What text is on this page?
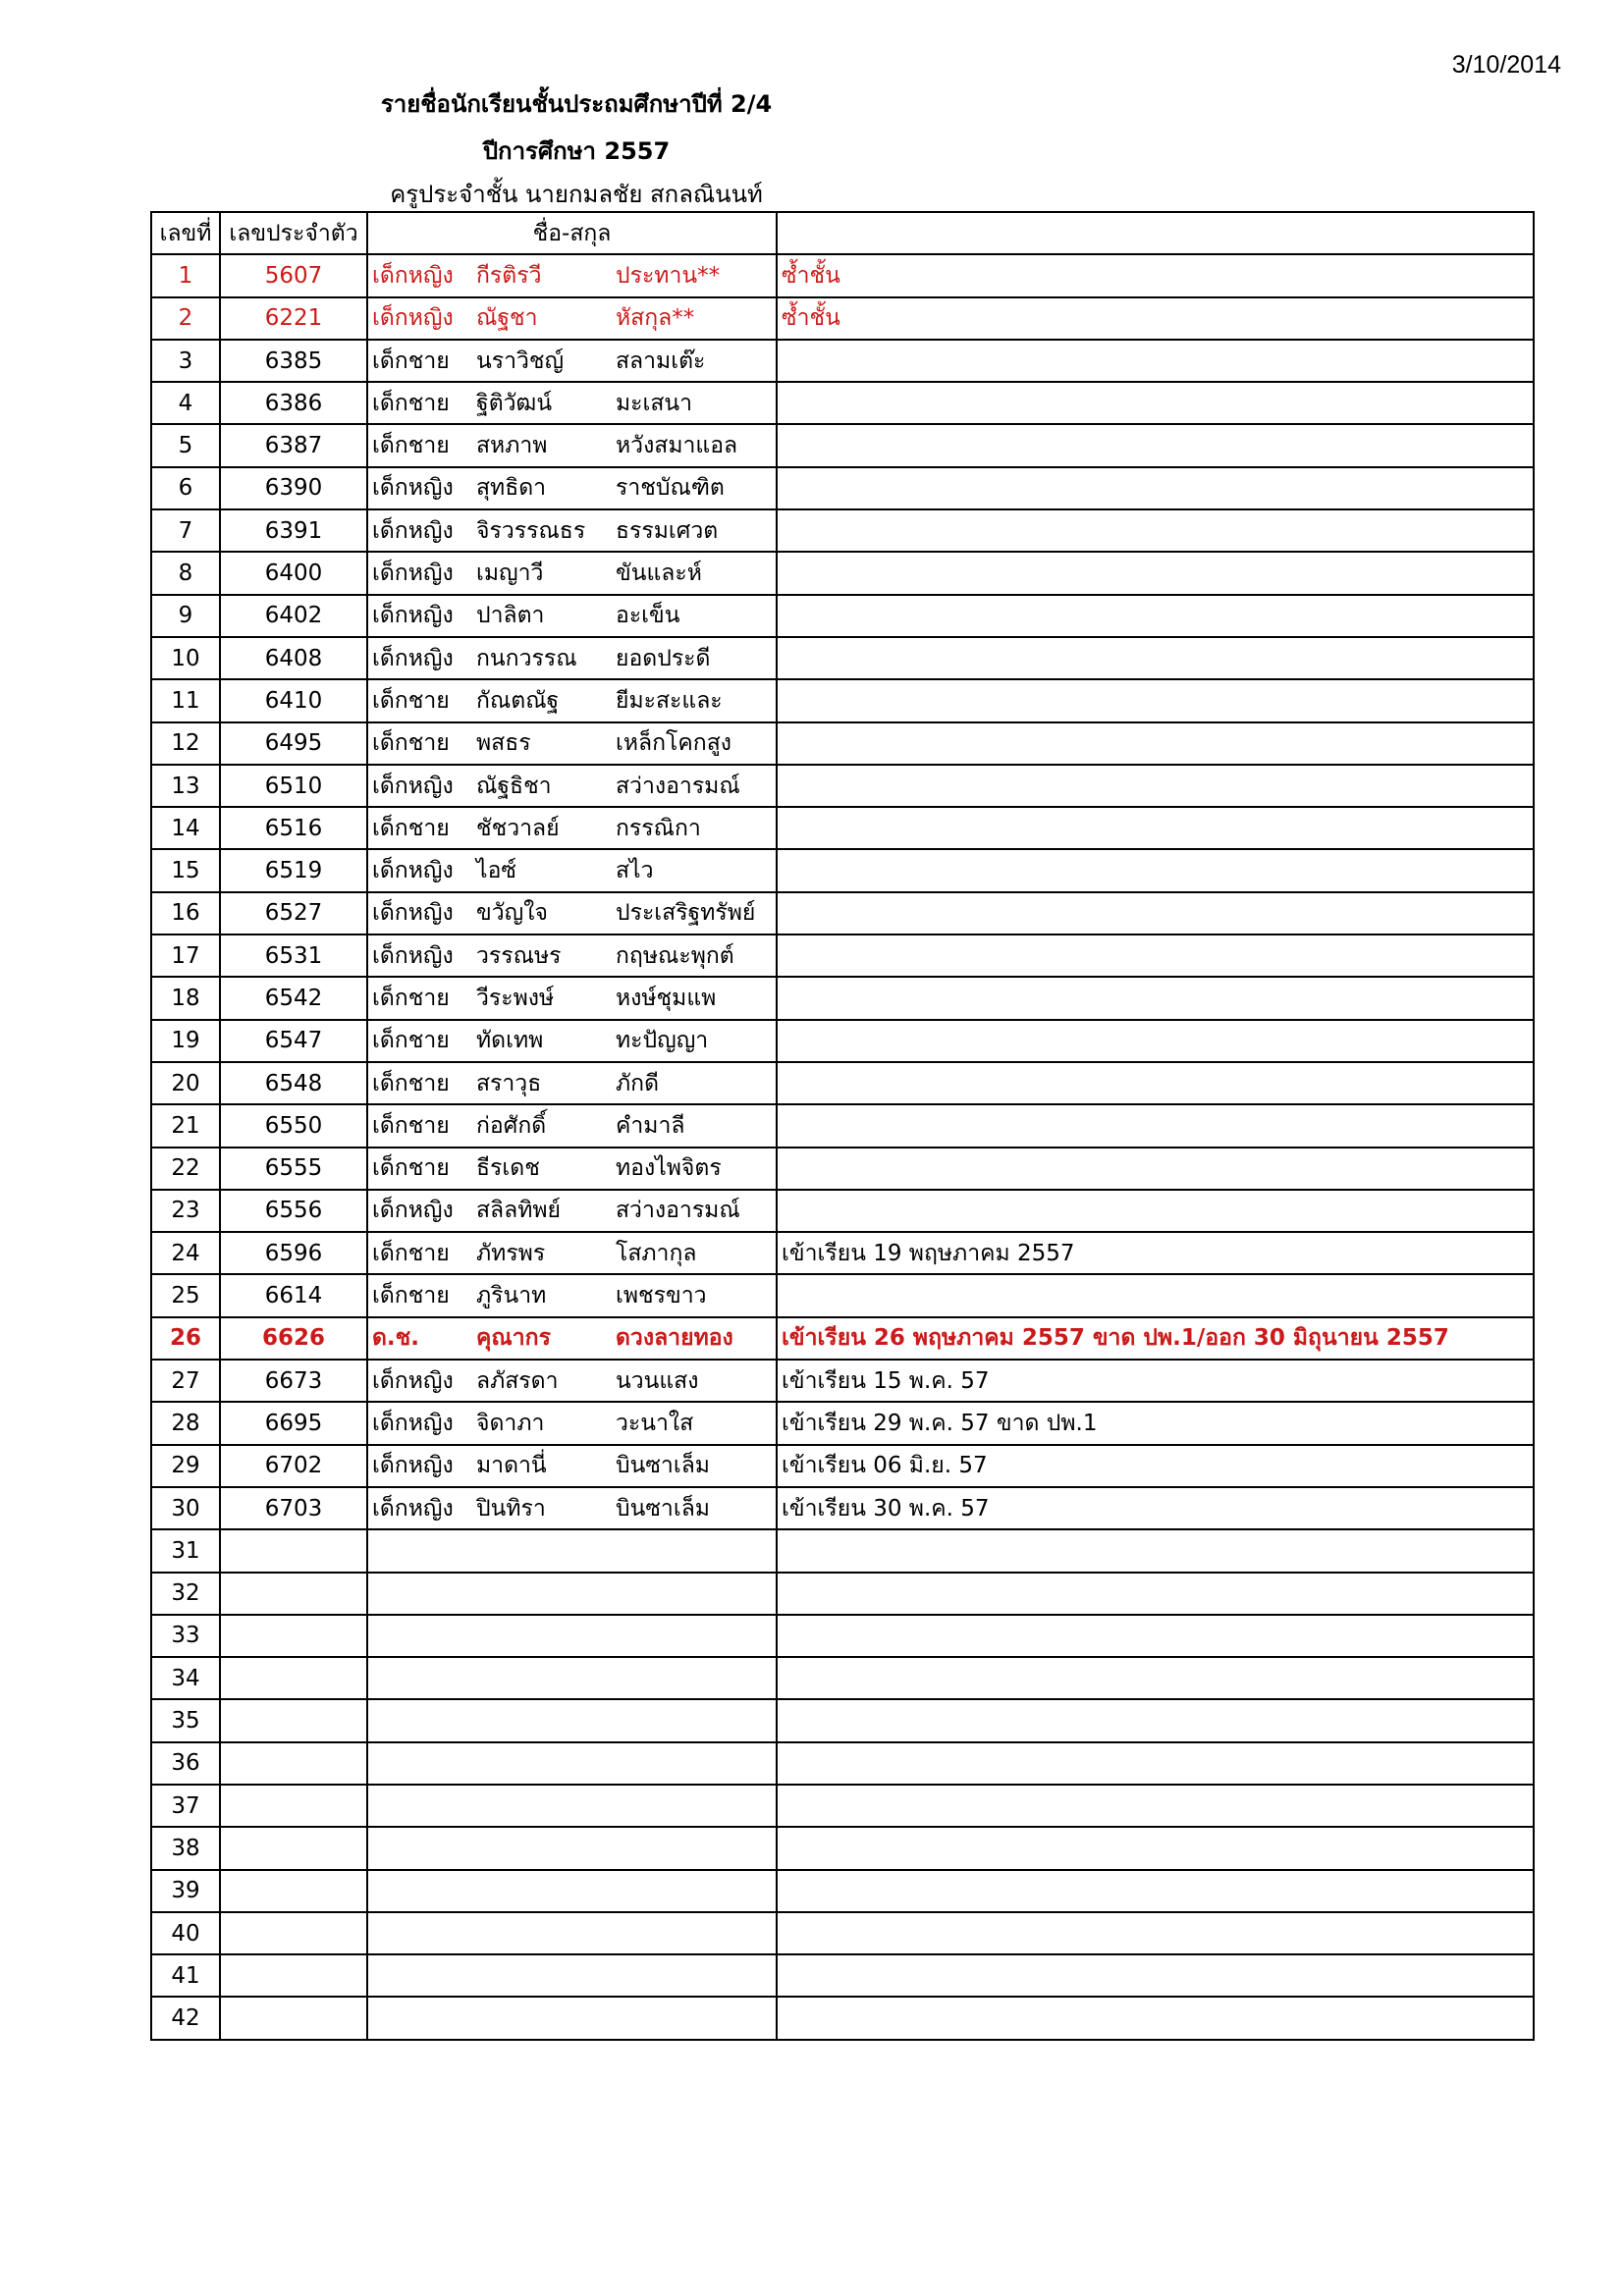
3/10/2014
รายชื่อนักเรียนชั้นประถมศึกษาปีที่ 2/4
ปีการศึกษา 2557
ครูประจำชั้น นายกมลชัย สกลณินนท์
เลขที่	เลขประจำตัว	ชื่อ-สกุล	
1	5607	เด็กหญิง กีรติรวี ประทาน**	ซ้ำชั้น
2	6221	เด็กหญิง ณัฐชา หัสกุล**	ซ้ำชั้น
3	6385	เด็กชาย นราวิชญ์ สลามเต๊ะ	
4	6386	เด็กชาย ฐิติวัฒน์ มะเสนา	
5	6387	เด็กชาย สหภาพ หวังสมาแอล	
6	6390	เด็กหญิง สุทธิดา ราชบัณฑิต	
7	6391	เด็กหญิง จิรวรรณธร ธรรมเศวต	
8	6400	เด็กหญิง เมญาวี ขันและห์	
9	6402	เด็กหญิง ปาลิตา อะเข็น	
10	6408	เด็กหญิง กนกวรรณ ยอดประดี	
11	6410	เด็กชาย กัณตณัฐ ยีมะสะและ	
12	6495	เด็กชาย พสธร เหล็กโคกสูง	
13	6510	เด็กหญิง ณัฐธิชา สว่างอารมณ์	
14	6516	เด็กชาย ชัชวาลย์ กรรณิกา	
15	6519	เด็กหญิง ไอซ์ สไว	
16	6527	เด็กหญิง ขวัญใจ ประเสริฐทรัพย์	
17	6531	เด็กหญิง วรรณษร กฤษณะพุกต์	
18	6542	เด็กชาย วีระพงษ์ หงษ์ชุมแพ	
19	6547	เด็กชาย ทัดเทพ ทะปัญญา	
20	6548	เด็กชาย สราวุธ ภักดี	
21	6550	เด็กชาย ก่อศักดิ์ คำมาลี	
22	6555	เด็กชาย ธีรเดช ทองไพจิตร	
23	6556	เด็กหญิง สลิลทิพย์ สว่างอารมณ์	
24	6596	เด็กชาย ภัทรพร โสภากุล	เข้าเรียน 19 พฤษภาคม 2557
25	6614	เด็กชาย ภูรินาท เพชรขาว	
26	6626	ด.ช. คุณากร ดวงลายทอง	เข้าเรียน 26 พฤษภาคม 2557 ขาด ปพ.1/ออก 30 มิถุนายน 2557
27	6673	เด็กหญิง ลภัสรดา นวนแสง	เข้าเรียน 15 พ.ค. 57
28	6695	เด็กหญิง จิดาภา วะนาใส	เข้าเรียน 29 พ.ค. 57 ขาด ปพ.1
29	6702	เด็กหญิง มาดานี่ บินซาเล็ม	เข้าเรียน 06 มิ.ย. 57
30	6703	เด็กหญิง ปินทิรา บินซาเล็ม	เข้าเรียน 30 พ.ค. 57
31			
32			
33			
34			
35			
36			
37			
38			
39			
40			
41			
42			
